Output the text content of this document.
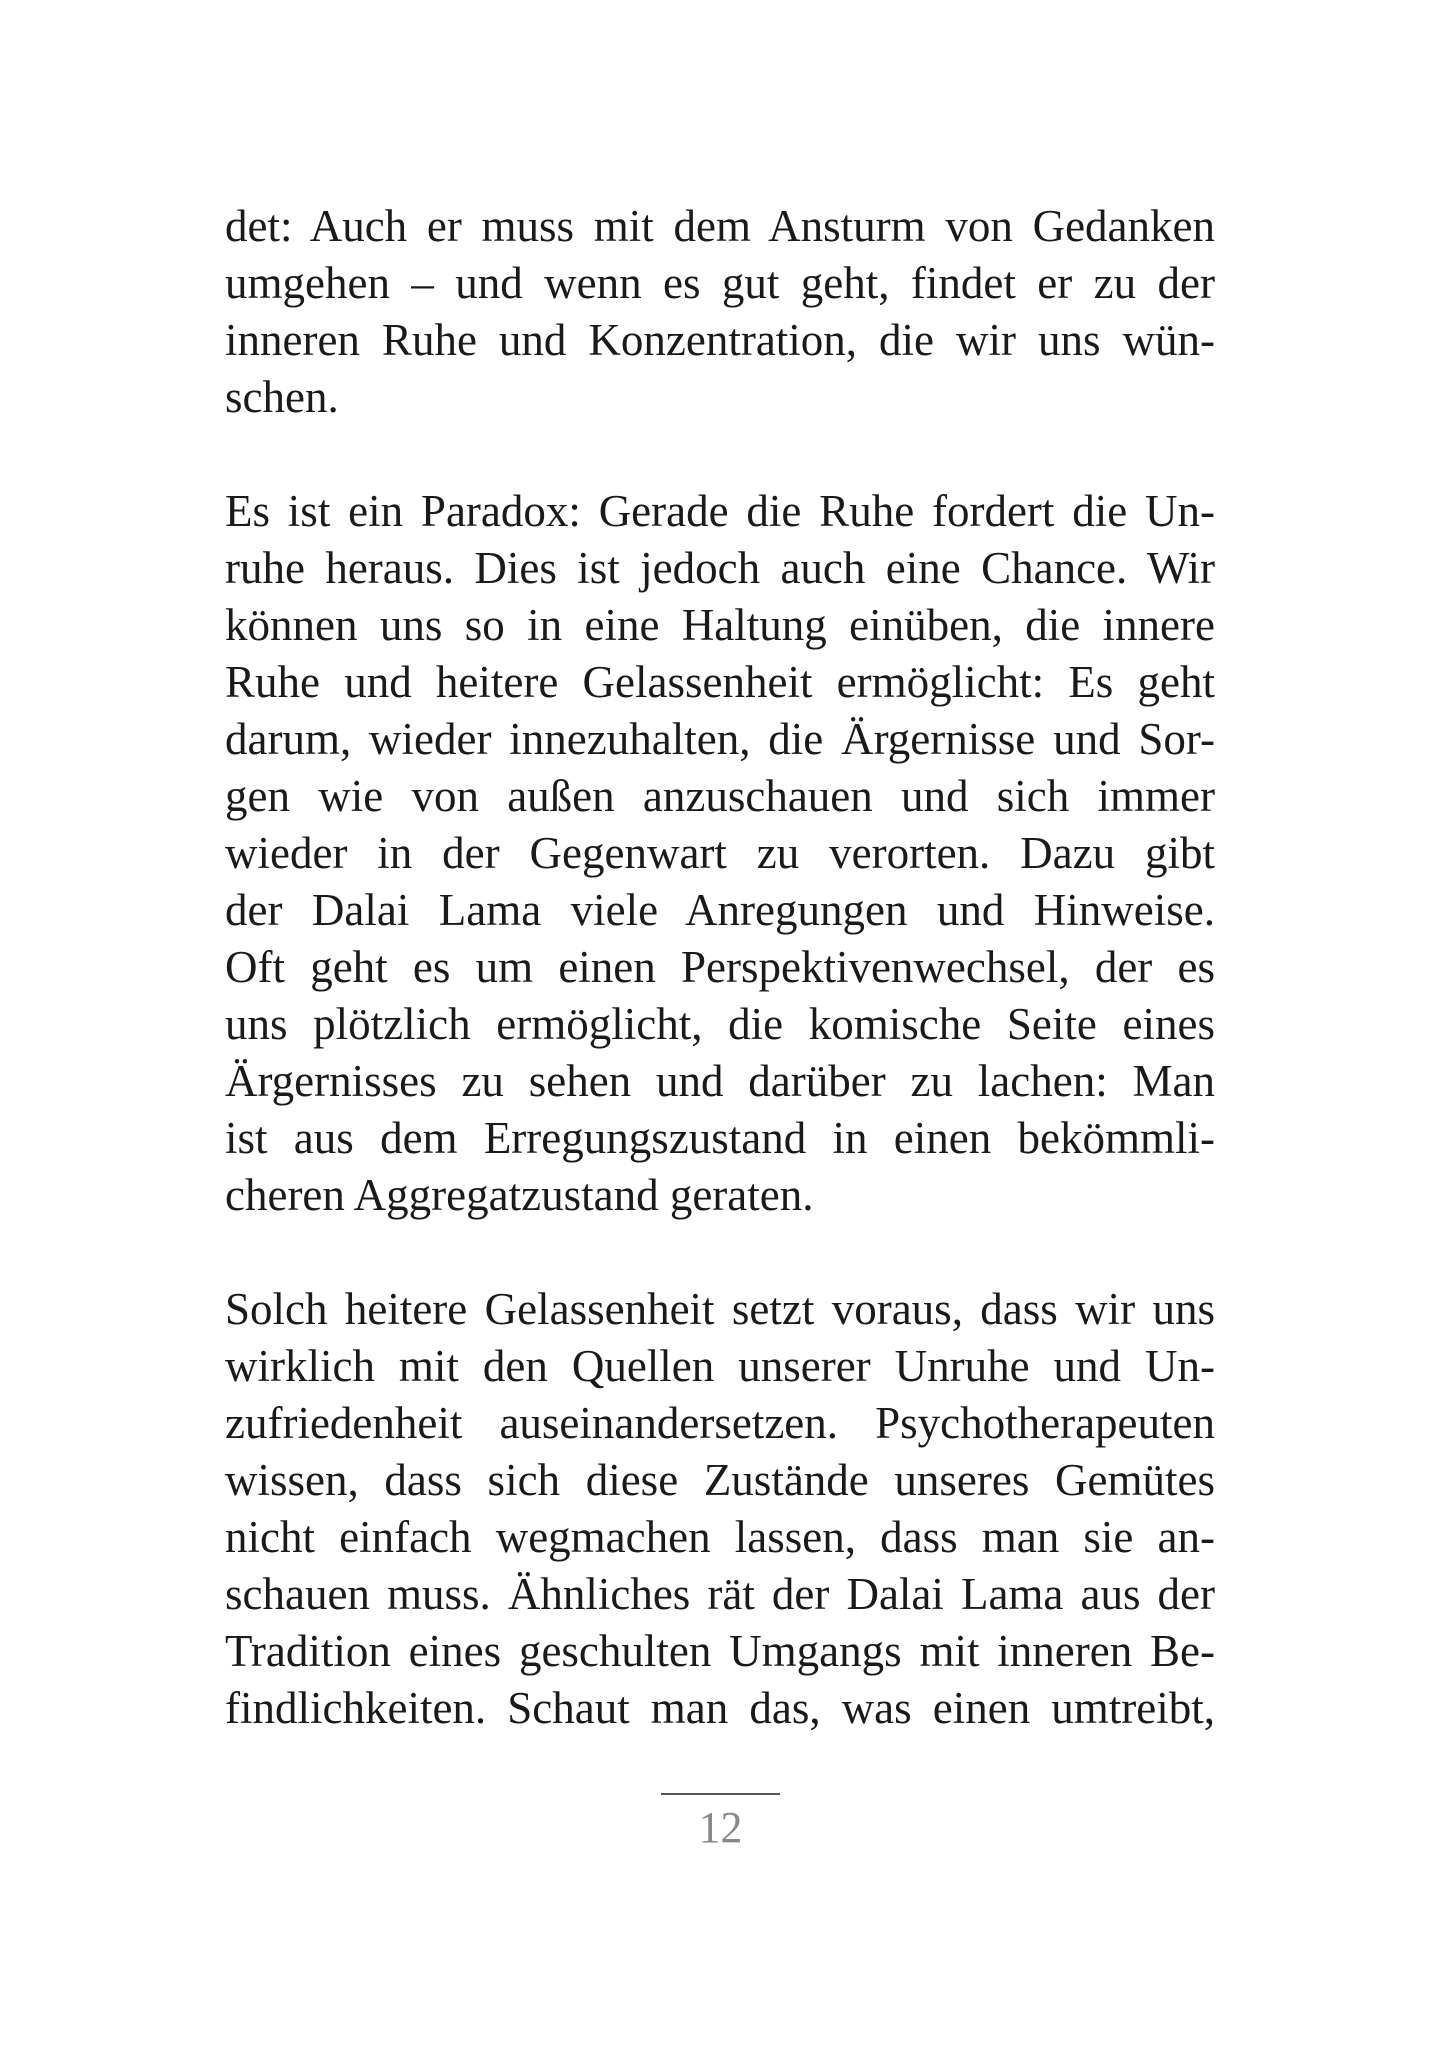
det: Auch er muss mit dem Ansturm von Gedanken
umgehen – und wenn es gut geht, findet er zu der
inneren Ruhe und Konzentration, die wir uns wün-
schen.
Es ist ein Paradox: Gerade die Ruhe fordert die Un-
ruhe heraus. Dies ist jedoch auch eine Chance. Wir
können uns so in eine Haltung einüben, die innere
Ruhe und heitere Gelassenheit ermöglicht: Es geht
darum, wieder innezuhalten, die Ärgernisse und Sor-
gen wie von außen anzuschauen und sich immer
wieder in der Gegenwart zu verorten. Dazu gibt
der Dalai Lama viele Anregungen und Hinweise.
Oft geht es um einen Perspektivenwechsel, der es
uns plötzlich ermöglicht, die komische Seite eines
Ärgernisses zu sehen und darüber zu lachen: Man
ist aus dem Erregungszustand in einen bekömmli-
cheren Aggregatzustand geraten.
Solch heitere Gelassenheit setzt voraus, dass wir uns
wirklich mit den Quellen unserer Unruhe und Un-
zufriedenheit auseinandersetzen. Psychotherapeuten
wissen, dass sich diese Zustände unseres Gemütes
nicht einfach wegmachen lassen, dass man sie an-
schauen muss. Ähnliches rät der Dalai Lama aus der
Tradition eines geschulten Umgangs mit inneren Be-
findlichkeiten. Schaut man das, was einen umtreibt,
12
